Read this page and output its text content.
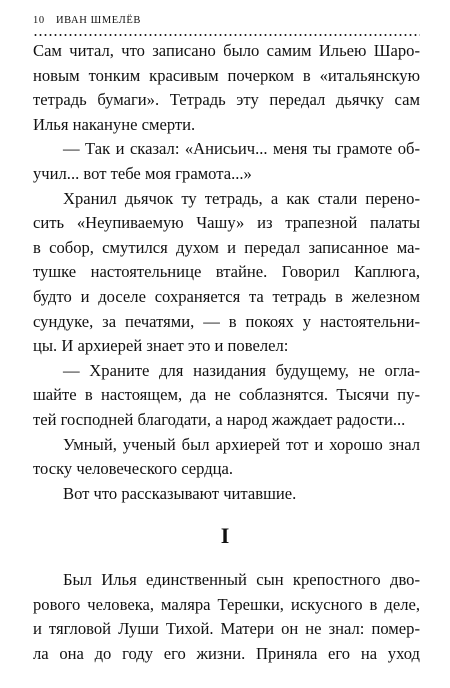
10 ИВАН ШМЕЛЁВ
Сам читал, что записано было самим Ильею Шаро-
новым тонким красивым почерком в «итальянскую
тетрадь бумаги». Тетрадь эту передал дьячку сам
Илья накануне смерти.
— Так и сказал: «Анисьич... меня ты грамоте об-
учил... вот тебе моя грамота...»
Хранил дьячок ту тетрадь, а как стали перено-
сить «Неупиваемую Чашу» из трапезной палаты
в собор, смутился духом и передал записанное ма-
тушке настоятельнице втайне. Говорил Каплюга,
будто и доселе сохраняется та тетрадь в железном
сундуке, за печатями, — в покоях у настоятельни-
цы. И архиерей знает это и повелел:
— Храните для назидания будущему, не огла-
шайте в настоящем, да не соблазнятся. Тысячи пу-
тей господней благодати, а народ жаждает радости...
Умный, ученый был архиерей тот и хорошо знал
тоску человеческого сердца.
Вот что рассказывают читавшие.
I
Был Илья единственный сын крепостного дво-
рового человека, маляра Терешки, искусного в деле,
и тягловой Луши Тихой. Матери он не знал: помер-
ла она до году его жизни. Приняла его на уход
